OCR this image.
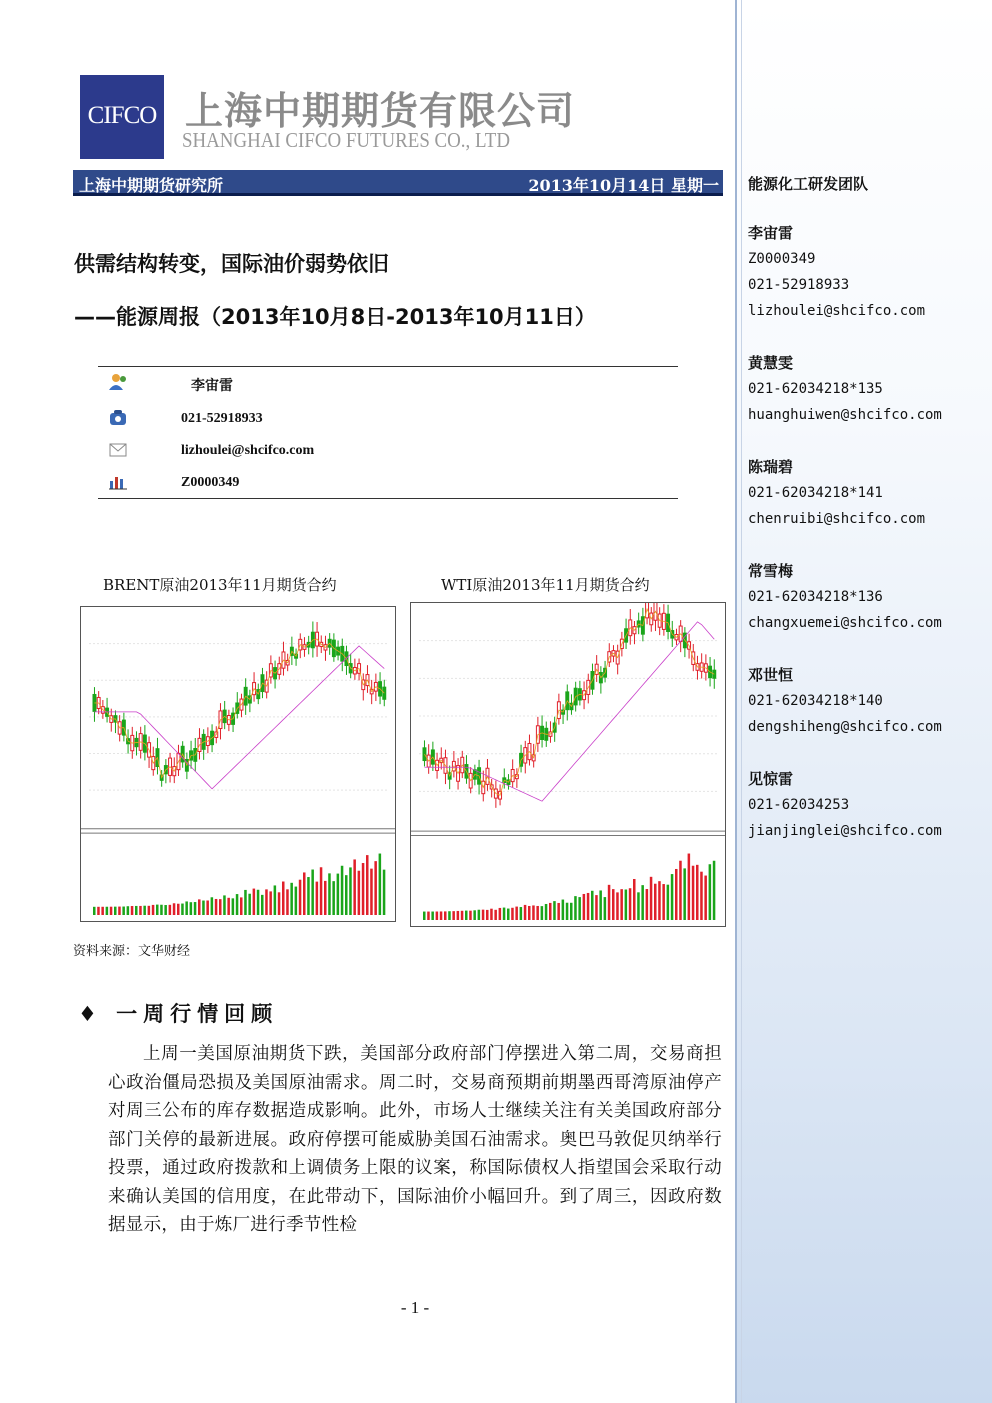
能源化工研发团队
李宙雷
Z0000349
021-52918933
lizhoulei@shcifco.com
黄慧雯
021-62034218*135
huanghuiwen@shcifco.com
陈瑞碧
021-62034218*141
chenruibi@shcifco.com
常雪梅
021-62034218*136
changxuemei@shcifco.com
邓世恒
021-62034218*140
dengshiheng@shcifco.com
见惊雷
021-62034253
jianjinglei@shcifco.com
CIFCO 上海中期期货有限公司
SHANGHAI CIFCO FUTURES CO., LTD
上海中期期货研究所	2013年10月14日 星期一
供需结构转变，国际油价弱势依旧
——能源周报（2013年10月8日-2013年10月11日）
李宙雷
021-52918933
lizhoulei@shcifco.com
Z0000349
BRENT原油2013年11月期货合约	WTI原油2013年11月期货合约
资料来源：文华财经
♦ 一周行情回顾
上周一美国原油期货下跌，美国部分政府部门停摆进入第二周，交易商担心政治僵局恐损及美国原油需求。周二时，交易商预期前期墨西哥湾原油停产对周三公布的库存数据造成影响。此外，市场人士继续关注有关美国政府部分部门关停的最新进展。政府停摆可能威胁美国石油需求。奥巴马敦促贝纳举行投票，通过政府拨款和上调债务上限的议案，称国际债权人指望国会采取行动来确认美国的信用度，在此带动下，国际油价小幅回升。到了周三，因政府数据显示，由于炼厂进行季节性检
- 1 -
